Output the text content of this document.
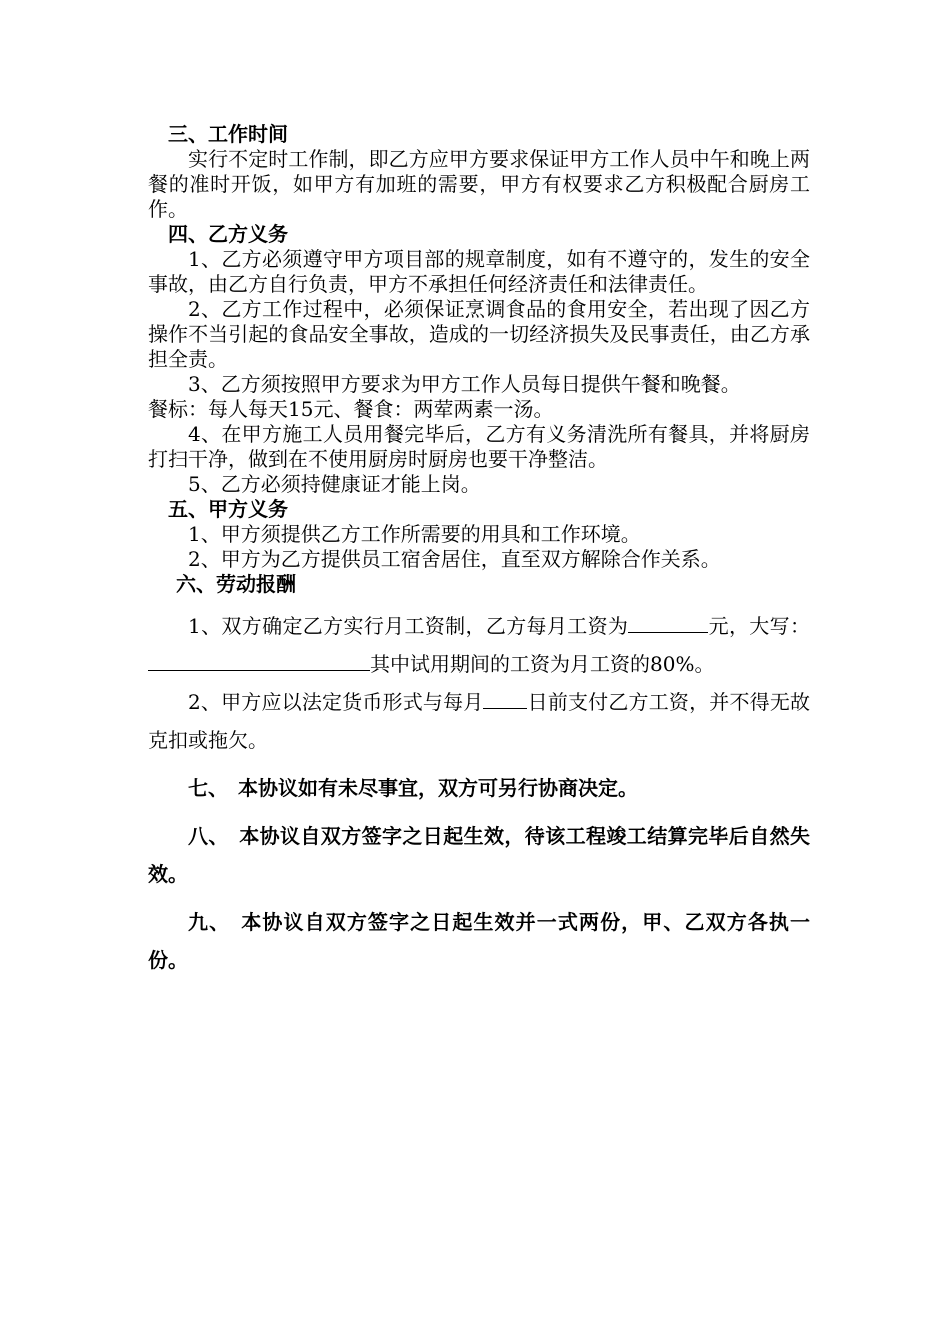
三、工作时间

实行不定时工作制，即乙方应甲方要求保证甲方工作人员中午和晚上两餐的准时开饭，如甲方有加班的需要，甲方有权要求乙方积极配合厨房工作。

四、乙方义务

1、乙方必须遵守甲方项目部的规章制度，如有不遵守的，发生的安全事故，由乙方自行负责，甲方不承担任何经济责任和法律责任。

2、乙方工作过程中，必须保证烹调食品的食用安全，若出现了因乙方操作不当引起的食品安全事故，造成的一切经济损失及民事责任，由乙方承担全责。

3、乙方须按照甲方要求为甲方工作人员每日提供午餐和晚餐。

餐标：每人每天15元、餐食：两荤两素一汤。

4、在甲方施工人员用餐完毕后，乙方有义务清洗所有餐具，并将厨房打扫干净，做到在不使用厨房时厨房也要干净整洁。

5、乙方必须持健康证才能上岗。

五、甲方义务

1、甲方须提供乙方工作所需要的用具和工作环境。

2、甲方为乙方提供员工宿舍居住，直至双方解除合作关系。

六、劳动报酬

1、双方确定乙方实行月工资制，乙方每月工资为	元，大写：其中试用期间的工资为月工资的80%。

2、甲方应以法定货币形式与每月 日前支付乙方工资，并不得无故克扣或拖欠。

七、　本协议如有未尽事宜，双方可另行协商决定。

八、　本协议自双方签字之日起生效，待该工程竣工结算完毕后自然失效。

九、　本协议自双方签字之日起生效并一式两份，甲、乙双方各执一份。
